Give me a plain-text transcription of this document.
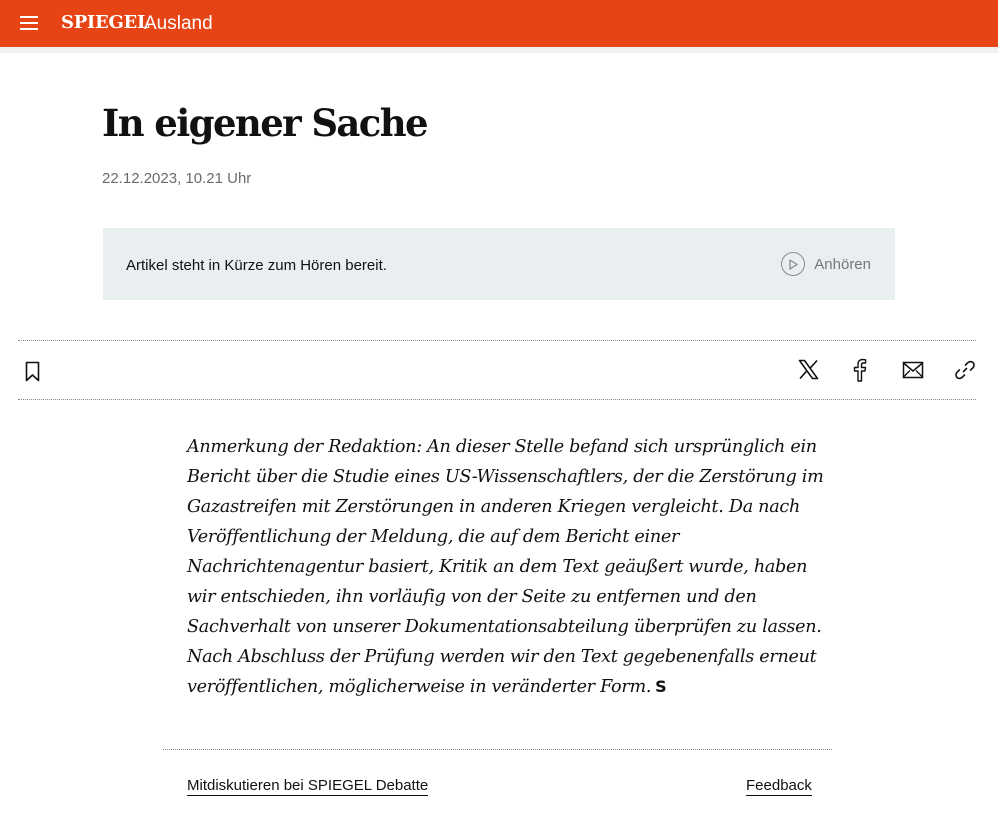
SPIEGEL
Ausland
In eigener Sache
22.12.2023, 10.21 Uhr
Artikel steht in Kürze zum Hören bereit.	Anhören

Anmerkung der Redaktion: An dieser Stelle befand sich ursprünglich ein Bericht über die Studie eines US-Wissenschaftlers, der die Zerstörung im Gazastreifen mit Zerstörungen in anderen Kriegen vergleicht. Da nach Veröffentlichung der Meldung, die auf dem Bericht einer Nachrichtenagentur basiert, Kritik an dem Text geäußert wurde, haben wir entschieden, ihn vorläufig von der Seite zu entfernen und den Sachverhalt von unserer Dokumentationsabteilung überprüfen zu lassen. Nach Abschluss der Prüfung werden wir den Text gegebenenfalls erneut veröffentlichen, möglicherweise in veränderter Form. S

Mitdiskutieren bei SPIEGEL Debatte	Feedback
